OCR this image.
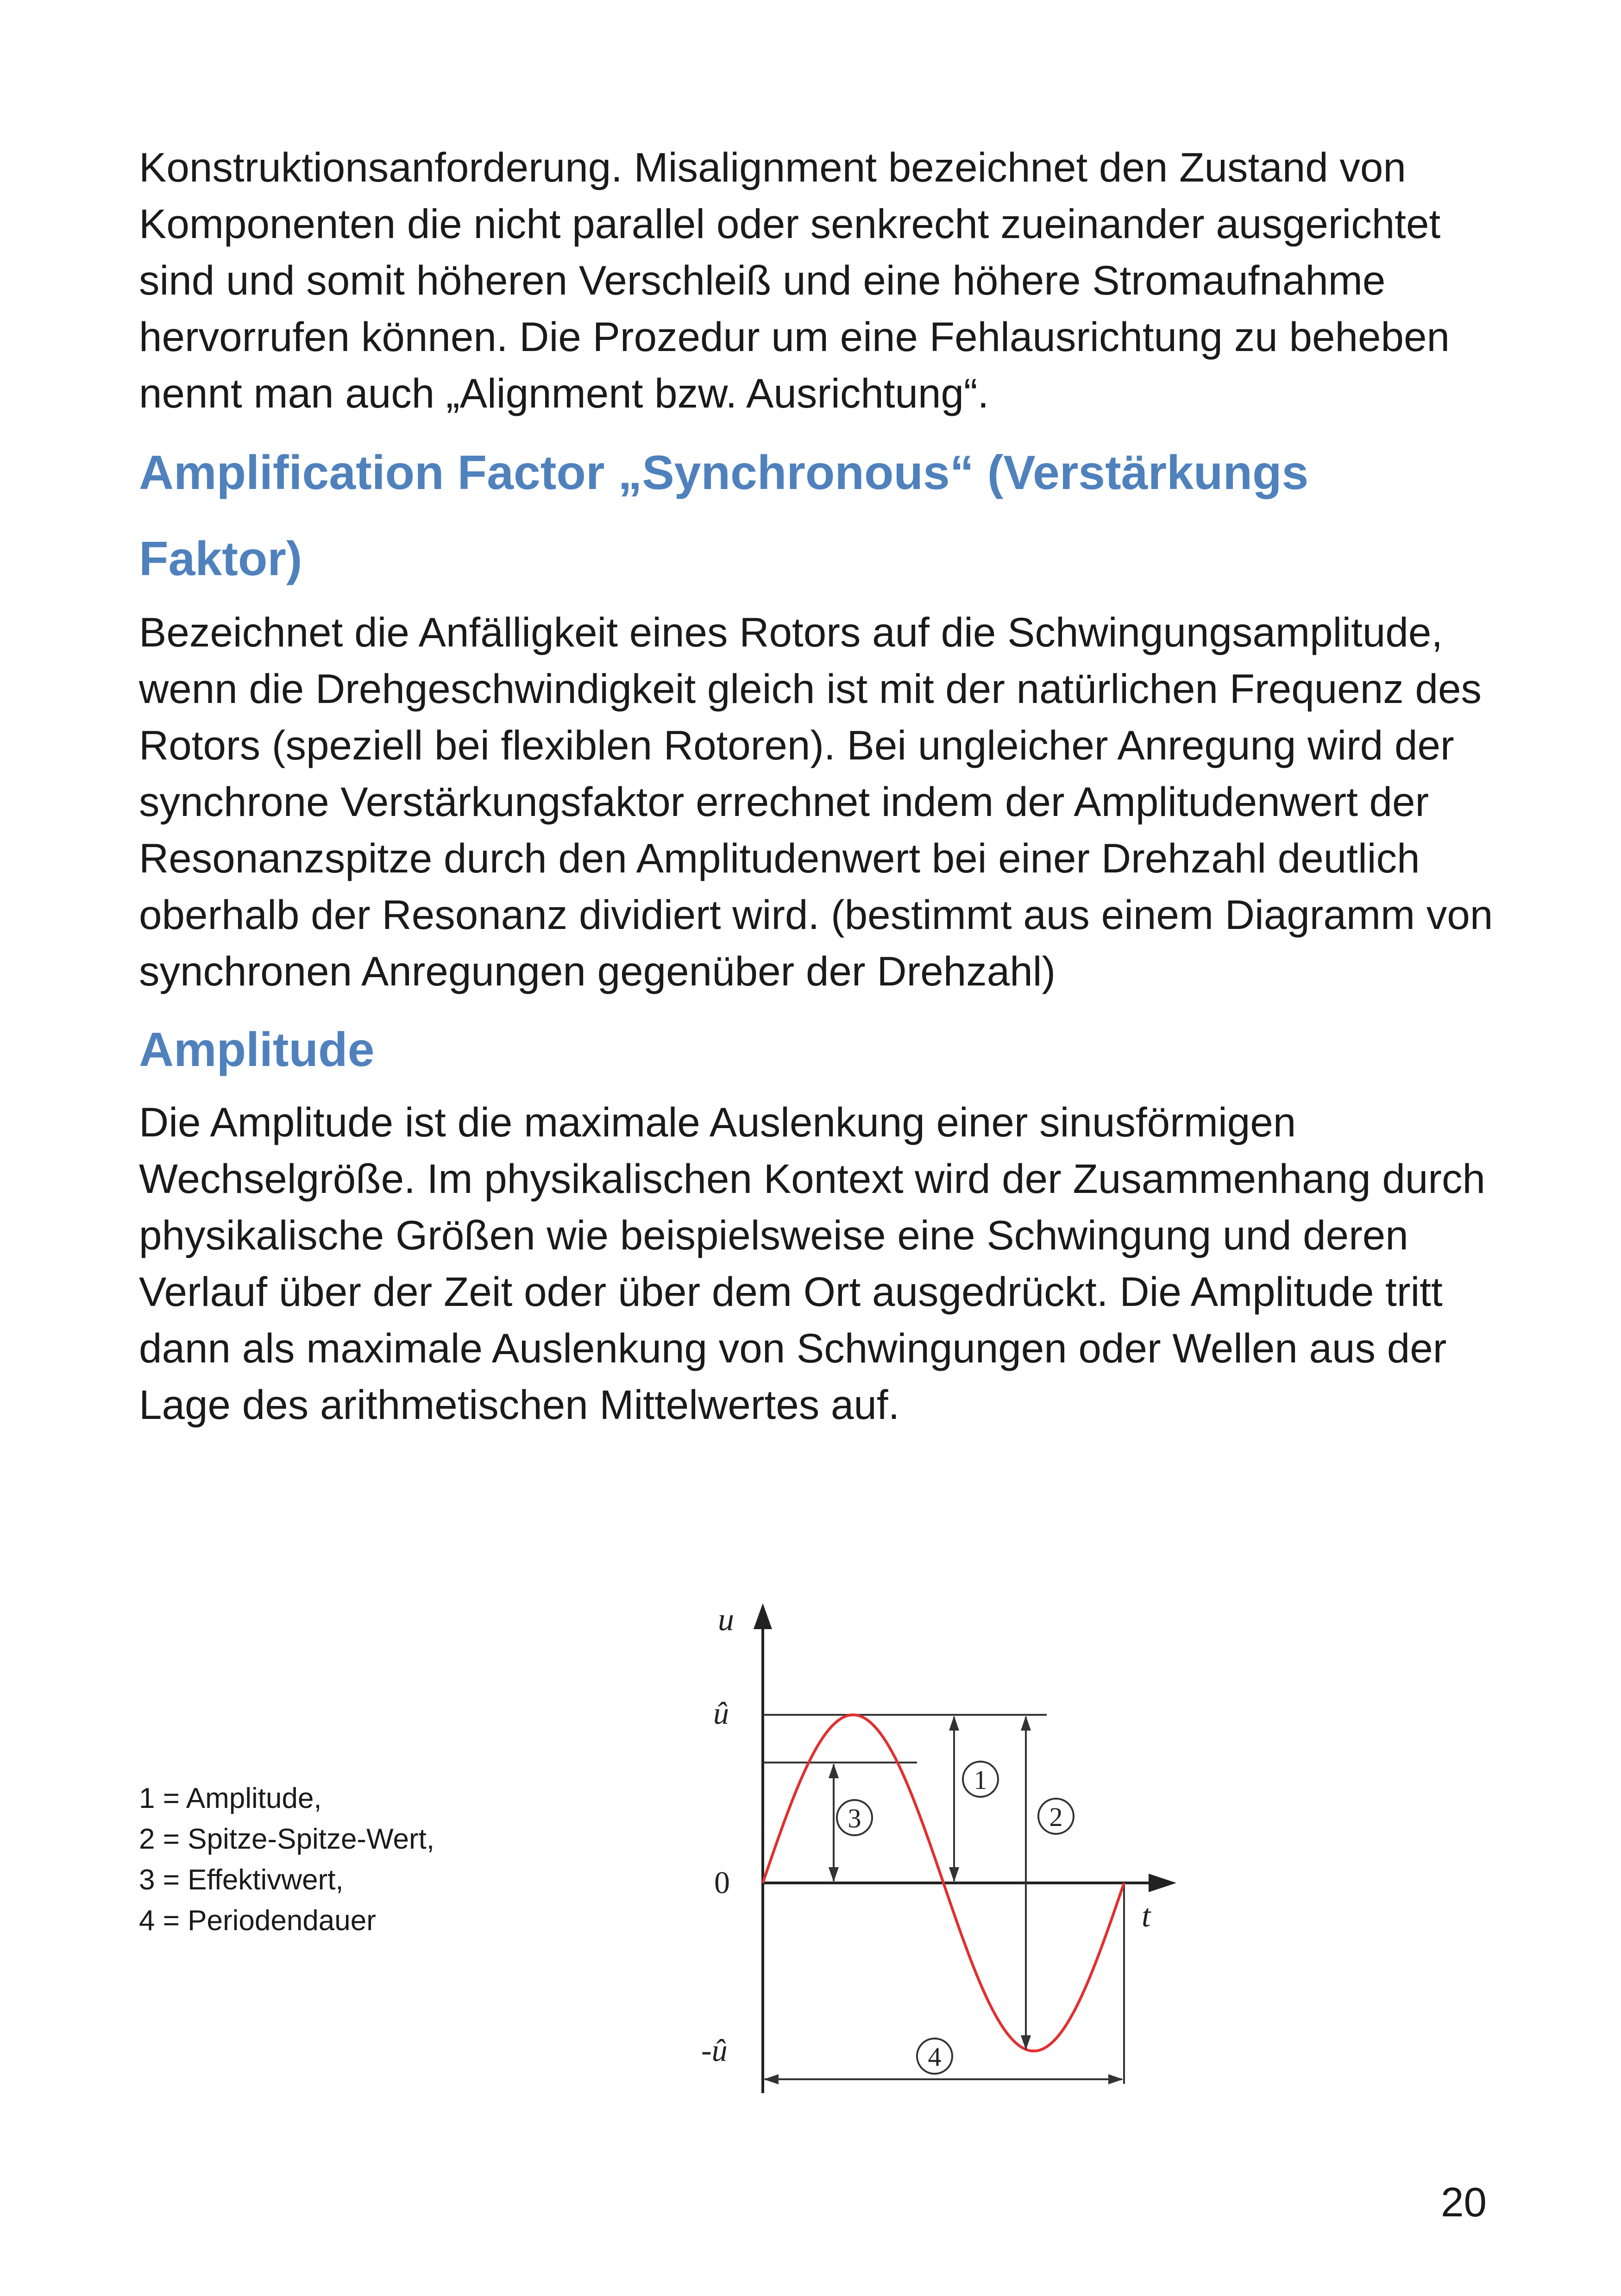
Konstruktionsanforderung. Misalignment bezeichnet den Zustand von Komponenten die nicht parallel oder senkrecht zueinander ausgerichtet sind und somit höheren Verschleiß und eine höhere Stromaufnahme hervorrufen können. Die Prozedur um eine Fehlausrichtung zu beheben nennt man auch „Alignment bzw. Ausrichtung“.

Amplification Factor „Synchronous“ (Verstärkungs
Faktor)

Bezeichnet die Anfälligkeit eines Rotors auf die Schwingungsamplitude, wenn die Drehgeschwindigkeit gleich ist mit der natürlichen Frequenz des Rotors (speziell bei flexiblen Rotoren). Bei ungleicher Anregung wird der synchrone Verstärkungsfaktor errechnet indem der Amplitudenwert der Resonanzspitze durch den Amplitudenwert bei einer Drehzahl deutlich oberhalb der Resonanz dividiert wird. (bestimmt aus einem Diagramm von synchronen Anregungen gegenüber der Drehzahl)

Amplitude

Die Amplitude ist die maximale Auslenkung einer sinusförmigen Wechselgröße. Im physikalischen Kontext wird der Zusammenhang durch physikalische Größen wie beispielsweise eine Schwingung und deren Verlauf über der Zeit oder über dem Ort ausgedrückt. Die Amplitude tritt dann als maximale Auslenkung von Schwingungen oder Wellen aus der Lage des arithmetischen Mittelwertes auf.

1 = Amplitude,
2 = Spitze-Spitze-Wert,
3 = Effektivwert,
4 = Periodendauer
3
1
2
4
u
t
û
0
-û
20
